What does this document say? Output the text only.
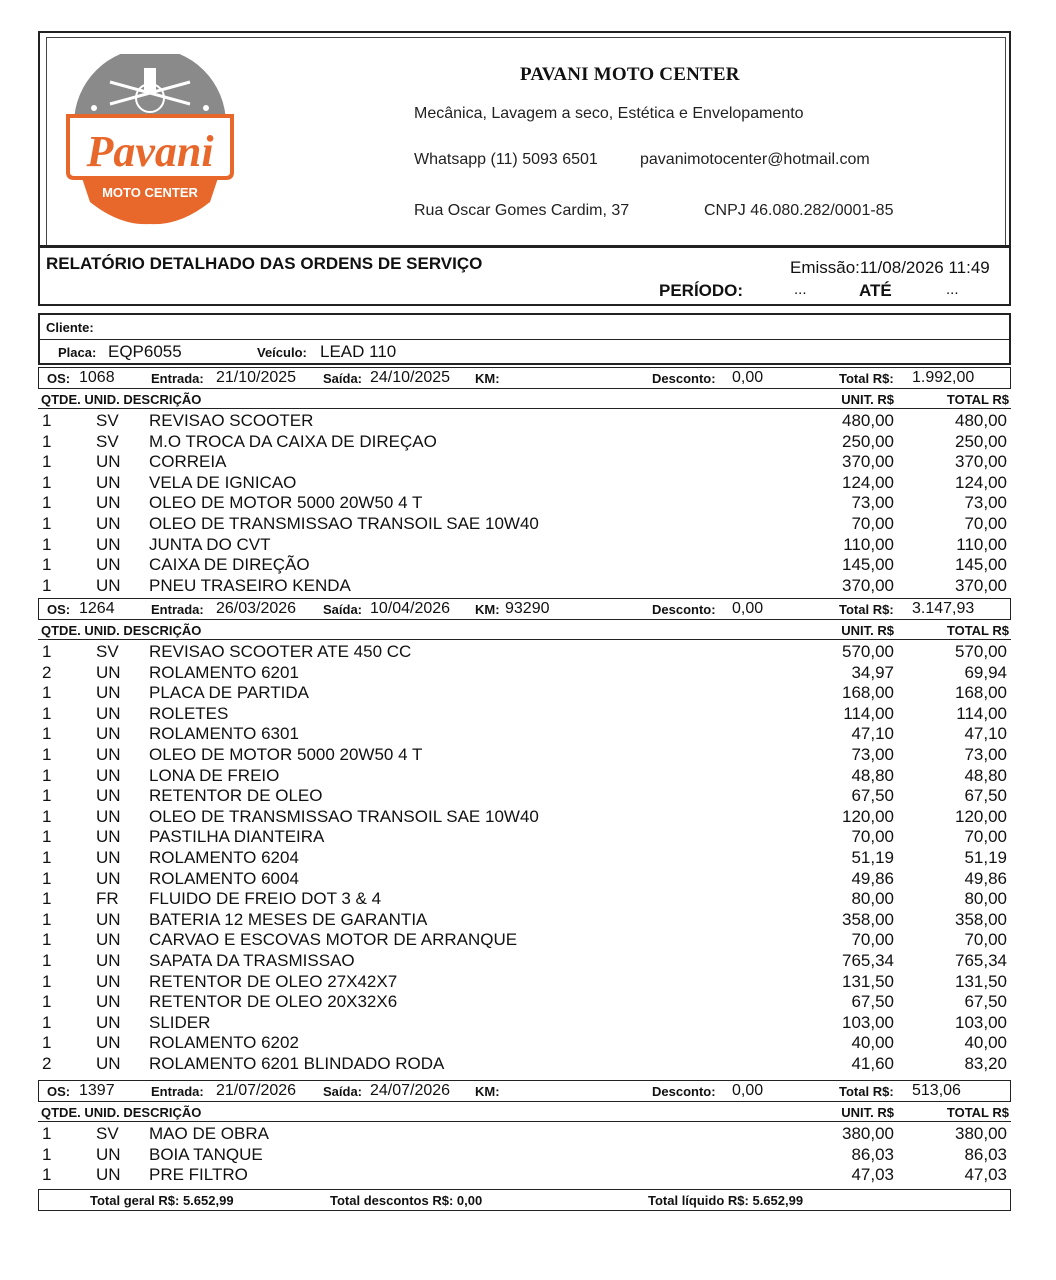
Pavani
MOTO CENTER
PAVANI MOTO CENTER
Mecânica, Lavagem a seco, Estética e Envelopamento
Whatsapp (11) 5093 6501	pavanimotocenter@hotmail.com
Rua Oscar Gomes Cardim, 37	CNPJ 46.080.282/0001-85
RELATÓRIO DETALHADO DAS ORDENS DE SERVIÇO	Emissão:11/08/2026 11:49
PERÍODO:	...	ATÉ	...
Cliente:
Placa: EQP6055	Veículo: LEAD 110
OS: 1068	Entrada: 21/10/2025 Saída: 24/10/2025 KM:	Desconto: 0,00	Total R$: 1.992,00
QTDE. UNID. DESCRIÇÃO	UNIT. R$	TOTAL R$
1	SV REVISAO SCOOTER	480,00	480,00
1	SV M.O TROCA DA CAIXA DE DIREÇAO	250,00	250,00
1	UN CORREIA	370,00	370,00
1	UN VELA DE IGNICAO	124,00	124,00
1	UN OLEO DE MOTOR 5000 20W50 4 T	73,00	73,00
1	UN OLEO DE TRANSMISSAO TRANSOIL SAE 10W40	70,00	70,00
1	UN JUNTA DO CVT	110,00	110,00
1	UN CAIXA DE DIREÇÃO	145,00	145,00
1	UN PNEU TRASEIRO KENDA	370,00	370,00
OS: 1264	Entrada: 26/03/2026 Saída: 10/04/2026 KM: 93290	Desconto: 0,00	Total R$: 3.147,93
QTDE. UNID. DESCRIÇÃO	UNIT. R$	TOTAL R$
1	SV REVISAO SCOOTER ATE 450 CC	570,00	570,00
2	UN ROLAMENTO 6201	34,97	69,94
1	UN PLACA DE PARTIDA	168,00	168,00
1	UN ROLETES	114,00	114,00
1	UN ROLAMENTO 6301	47,10	47,10
1	UN OLEO DE MOTOR 5000 20W50 4 T	73,00	73,00
1	UN LONA DE FREIO	48,80	48,80
1	UN RETENTOR DE OLEO	67,50	67,50
1	UN OLEO DE TRANSMISSAO TRANSOIL SAE 10W40	120,00	120,00
1	UN PASTILHA DIANTEIRA	70,00	70,00
1	UN ROLAMENTO 6204	51,19	51,19
1	UN ROLAMENTO 6004	49,86	49,86
1	FR FLUIDO DE FREIO DOT 3 & 4	80,00	80,00
1	UN BATERIA 12 MESES DE GARANTIA	358,00	358,00
1	UN CARVAO E ESCOVAS MOTOR DE ARRANQUE	70,00	70,00
1	UN SAPATA DA TRASMISSAO	765,34	765,34
1	UN RETENTOR DE OLEO 27X42X7	131,50	131,50
1	UN RETENTOR DE OLEO 20X32X6	67,50	67,50
1	UN SLIDER	103,00	103,00
1	UN ROLAMENTO 6202	40,00	40,00
2	UN ROLAMENTO 6201 BLINDADO RODA	41,60	83,20
OS: 1397	Entrada: 21/07/2026 Saída: 24/07/2026 KM:	Desconto: 0,00	Total R$: 513,06
QTDE. UNID. DESCRIÇÃO	UNIT. R$	TOTAL R$
1	SV MAO DE OBRA	380,00	380,00
1	UN BOIA TANQUE	86,03	86,03
1	UN PRE FILTRO	47,03	47,03
Total geral R$: 5.652,99	Total descontos R$: 0,00	Total líquido R$: 5.652,99
